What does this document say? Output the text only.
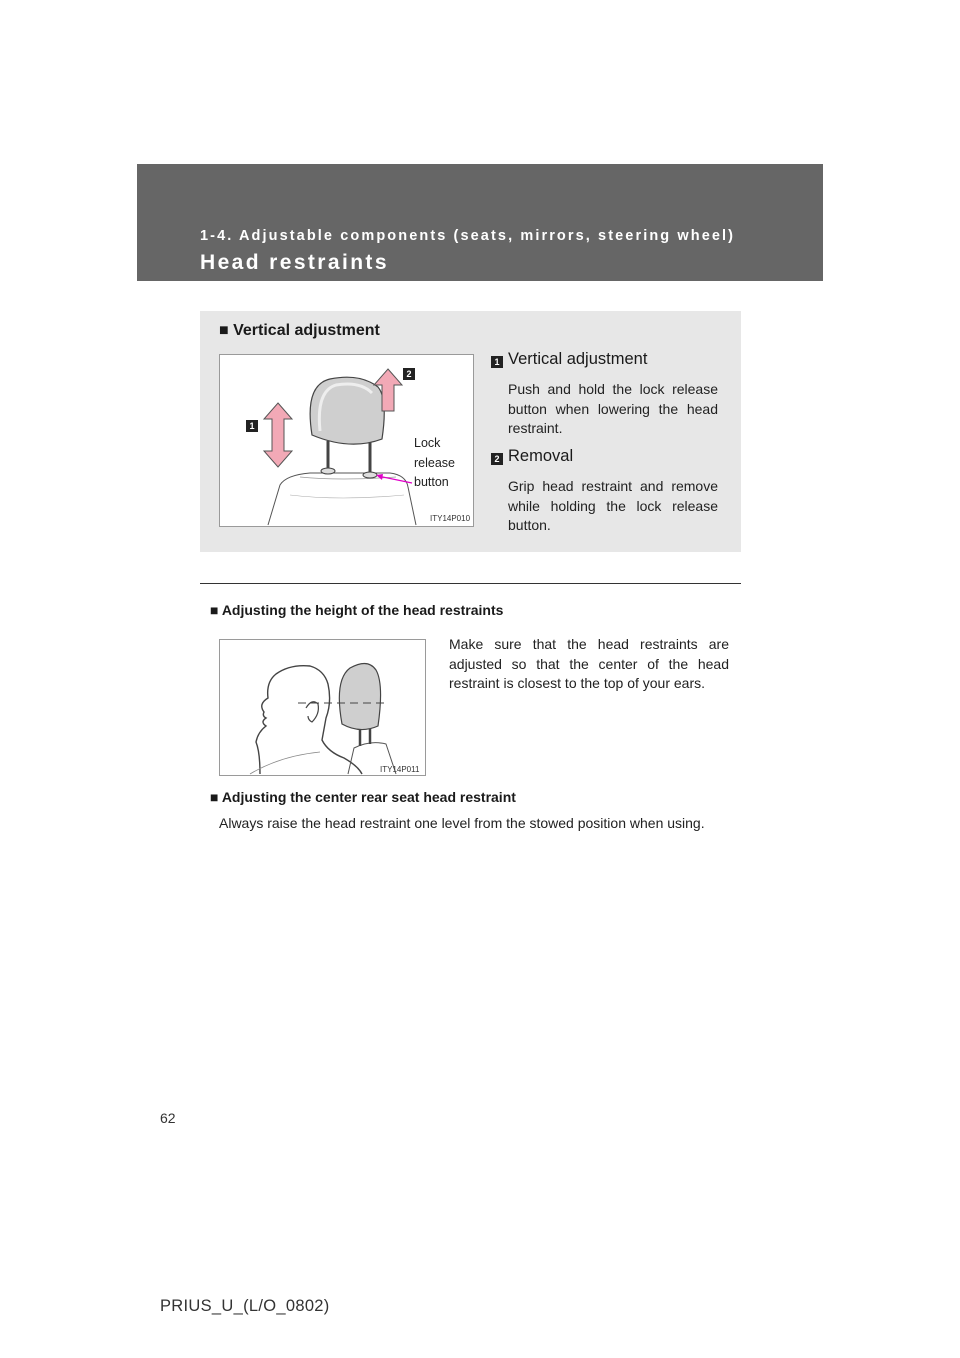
1-4. Adjustable components (seats, mirrors, steering wheel)
Head restraints
■ Vertical adjustment
1
2
Lock
release
button
ITY14P010
1 Vertical adjustment
Push and hold the lock release button when lowering the head restraint.
2 Removal
Grip head restraint and remove while holding the lock release button.
■ Adjusting the height of the head restraints
ITY14P011
Make sure that the head restraints are adjusted so that the center of the head restraint is closest to the top of your ears.
■ Adjusting the center rear seat head restraint
Always raise the head restraint one level from the stowed position when using.
62
PRIUS_U_(L/O_0802)
